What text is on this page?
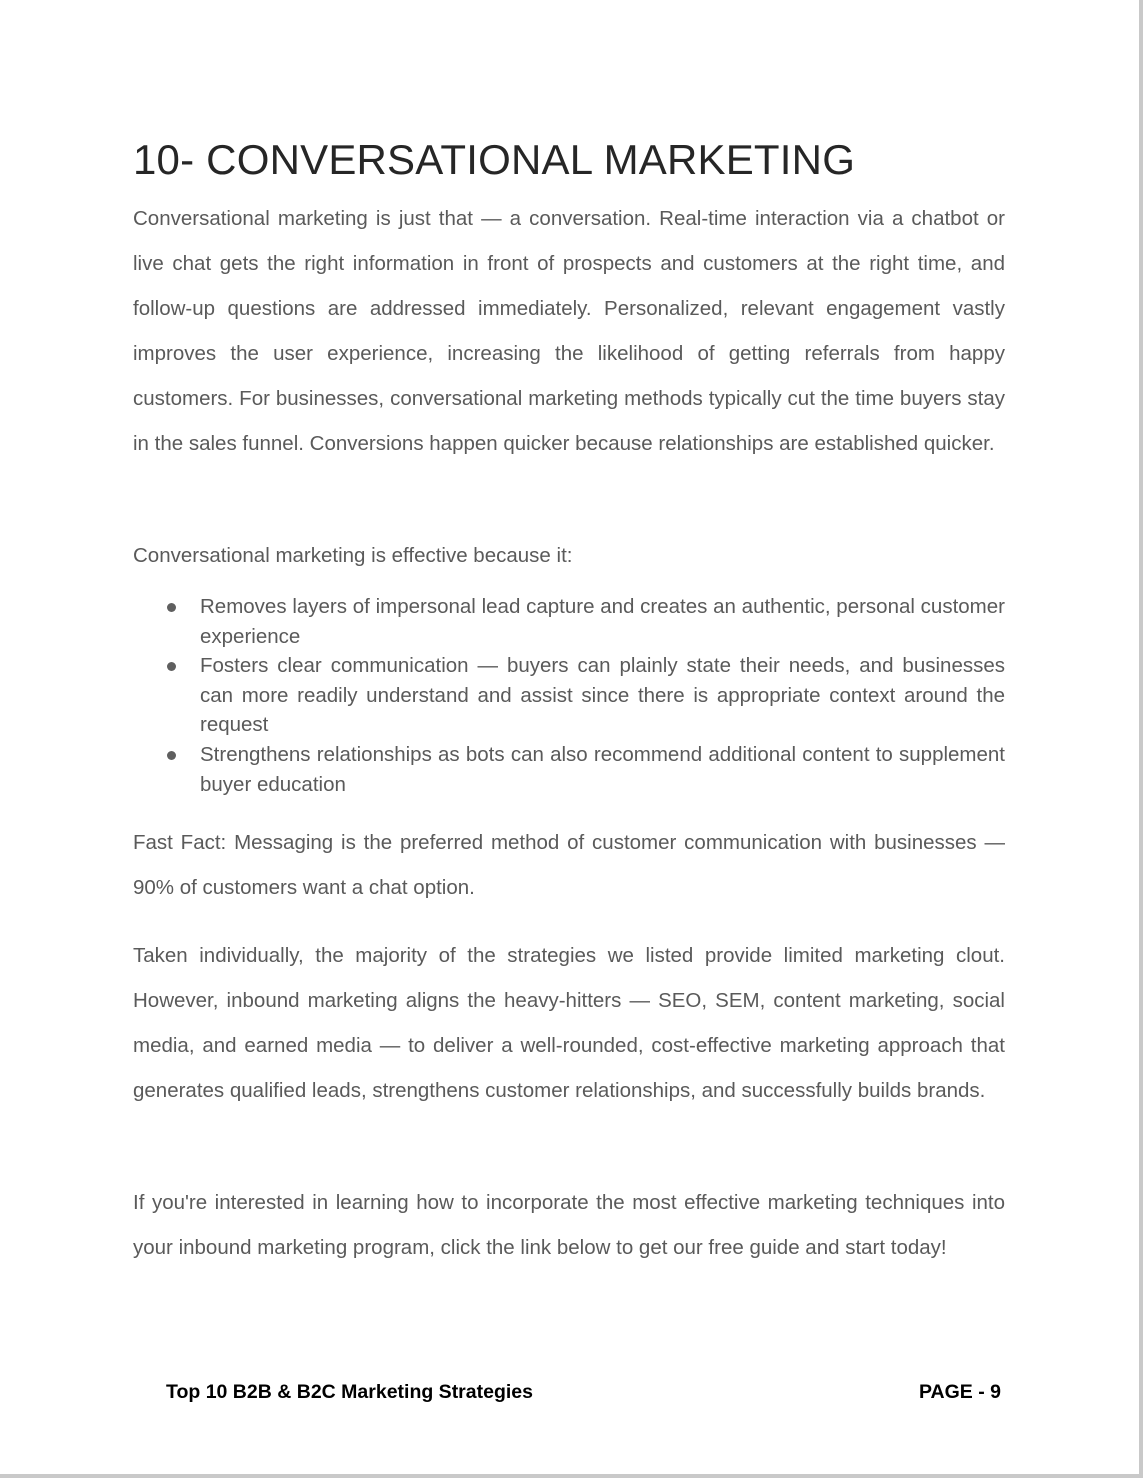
10- CONVERSATIONAL MARKETING

Conversational marketing is just that — a conversation. Real-time interaction via a chatbot or live chat gets the right information in front of prospects and customers at the right time, and follow-up questions are addressed immediately. Personalized, relevant engagement vastly improves the user experience, increasing the likelihood of getting referrals from happy customers. For businesses, conversational marketing methods typically cut the time buyers stay in the sales funnel. Conversions happen quicker because relationships are established quicker.

Conversational marketing is effective because it:

Removes layers of impersonal lead capture and creates an authentic, personal customer experience
Fosters clear communication — buyers can plainly state their needs, and businesses can more readily understand and assist since there is appropriate context around the request
Strengthens relationships as bots can also recommend additional content to supplement buyer education

Fast Fact: Messaging is the preferred method of customer communication with businesses — 90% of customers want a chat option.

Taken individually, the majority of the strategies we listed provide limited marketing clout. However, inbound marketing aligns the heavy-hitters — SEO, SEM, content marketing, social media, and earned media — to deliver a well-rounded, cost-effective marketing approach that generates qualified leads, strengthens customer relationships, and successfully builds brands.

If you're interested in learning how to incorporate the most effective marketing techniques into your inbound marketing program, click the link below to get our free guide and start today!

Top 10 B2B & B2C Marketing Strategies	PAGE - 9
